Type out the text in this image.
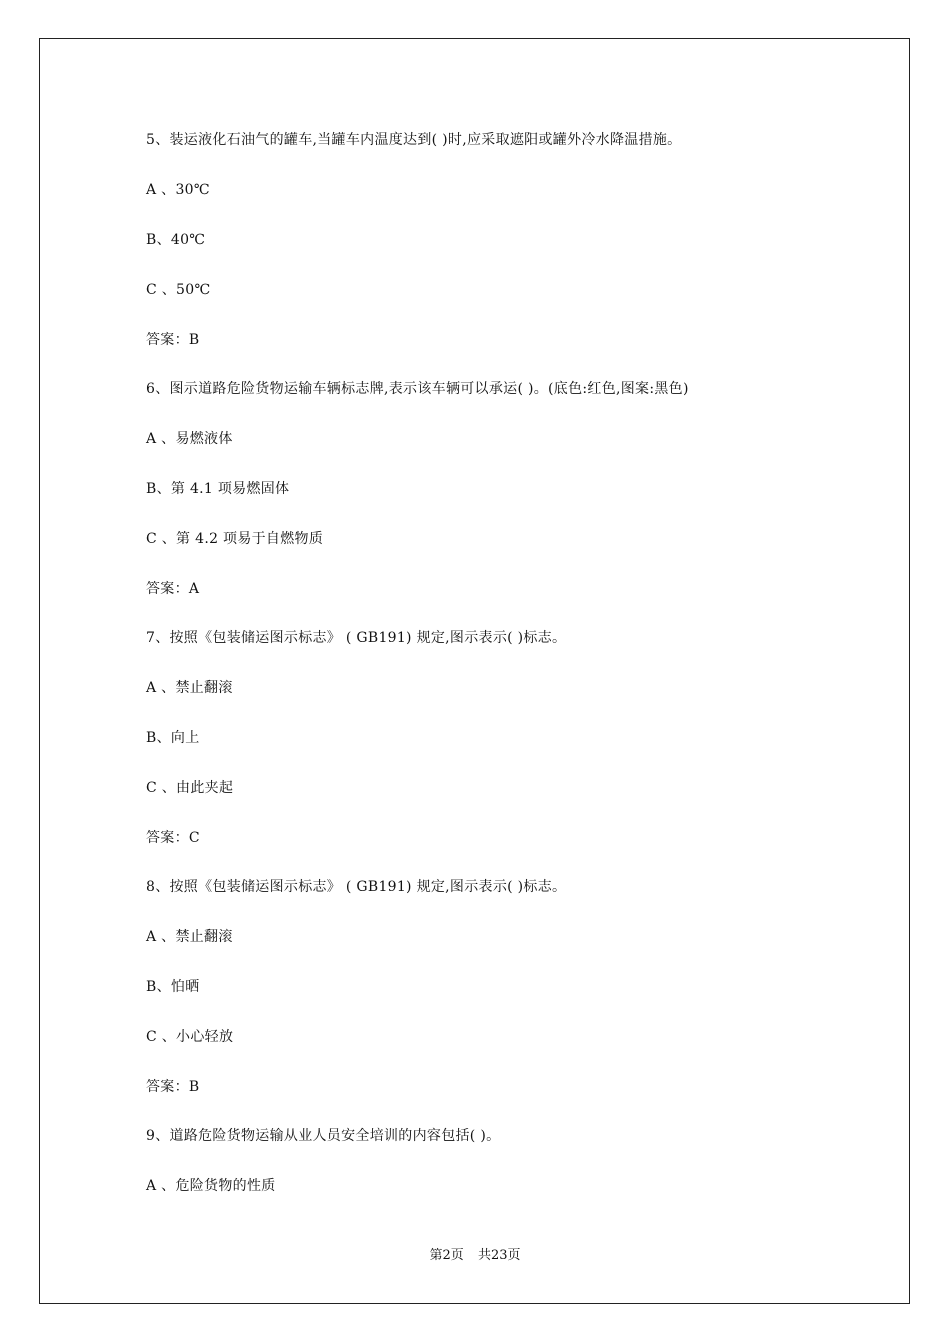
5、装运液化石油气的罐车,当罐车内温度达到( )时,应采取遮阳或罐外冷水降温措施。
A 、30℃
B、40℃
C 、50℃
答案：B
6、图示道路危险货物运输车辆标志牌,表示该车辆可以承运( )。(底色:红色,图案:黑色)
A 、易燃液体
B、第 4.1 项易燃固体
C 、第 4.2 项易于自燃物质
答案：A
7、按照《包装储运图示标志》 ( GB191) 规定,图示表示( )标志。
A 、禁止翻滚
B、向上
C 、由此夹起
答案：C
8、按照《包装储运图示标志》 ( GB191) 规定,图示表示( )标志。
A 、禁止翻滚
B、怕晒
C 、小心轻放
答案：B
9、道路危险货物运输从业人员安全培训的内容包括( )。
A 、危险货物的性质
第2页 共23页
